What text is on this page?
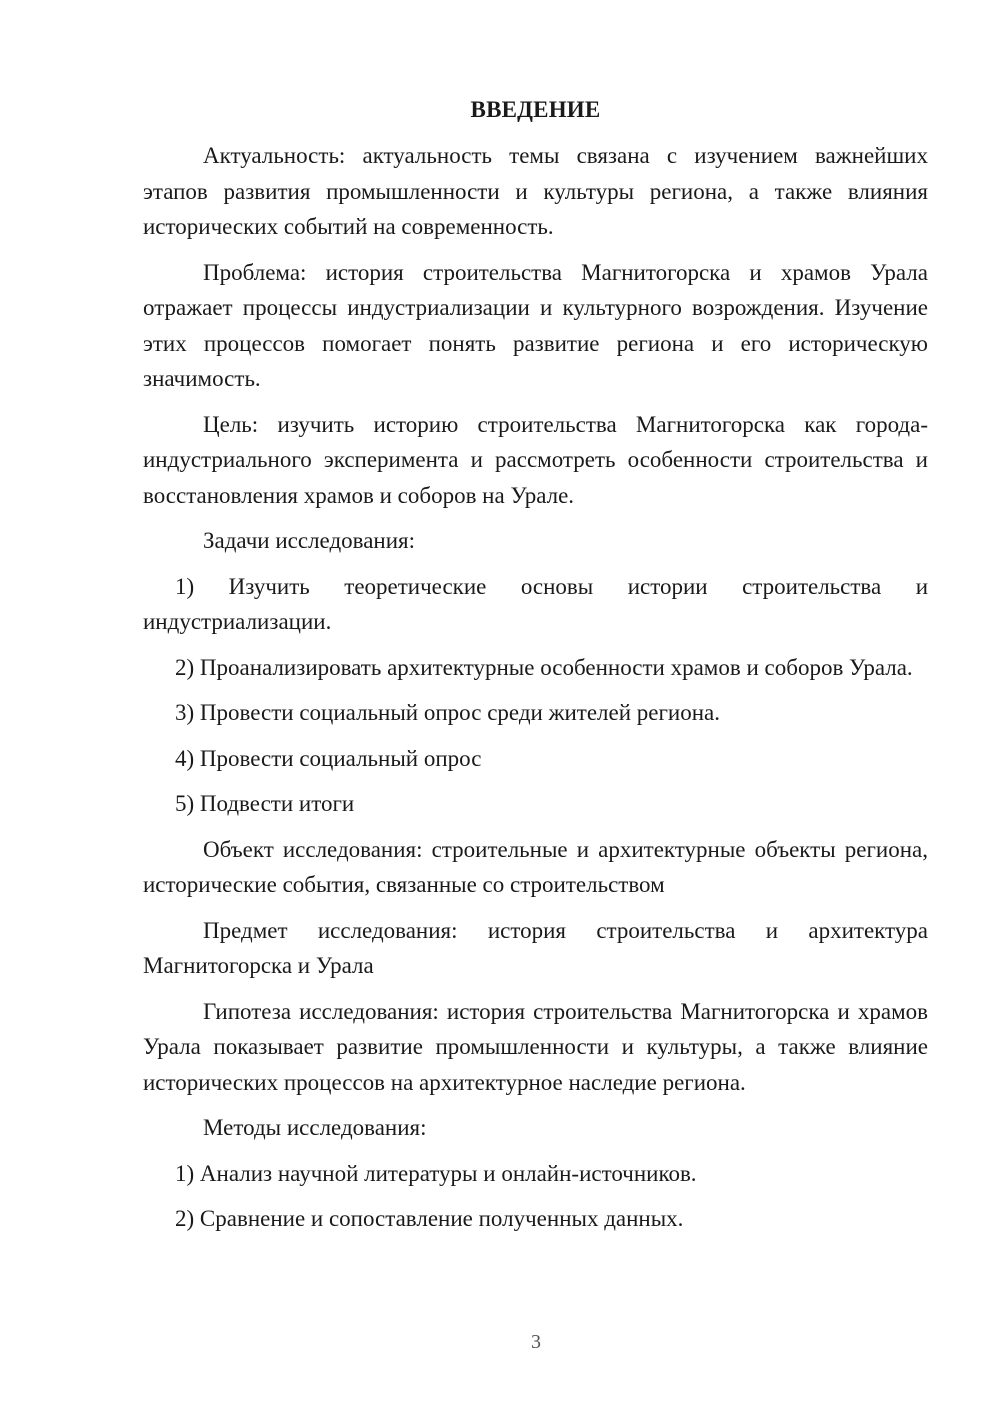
ВВЕДЕНИЕ

Актуальность: актуальность темы связана с изучением важнейших этапов развития промышленности и культуры региона, а также влияния исторических событий на современность.

Проблема: история строительства Магнитогорска и храмов Урала отражает процессы индустриализации и культурного возрождения. Изучение этих процессов помогает понять развитие региона и его историческую значимость.

Цель: изучить историю строительства Магнитогорска как города-индустриального эксперимента и рассмотреть особенности строительства и восстановления храмов и соборов на Урале.

Задачи исследования:

1) Изучить теоретические основы истории строительства и индустриализации.

2) Проанализировать архитектурные особенности храмов и соборов Урала.

3) Провести социальный опрос среди жителей региона.

4) Провести социальный опрос

5) Подвести итоги

Объект исследования: строительные и архитектурные объекты региона, исторические события, связанные со строительством

Предмет исследования: история строительства и архитектура Магнитогорска и Урала

Гипотеза исследования: история строительства Магнитогорска и храмов Урала показывает развитие промышленности и культуры, а также влияние исторических процессов на архитектурное наследие региона.

Методы исследования:

1) Анализ научной литературы и онлайн-источников.

2) Сравнение и сопоставление полученных данных.

3
